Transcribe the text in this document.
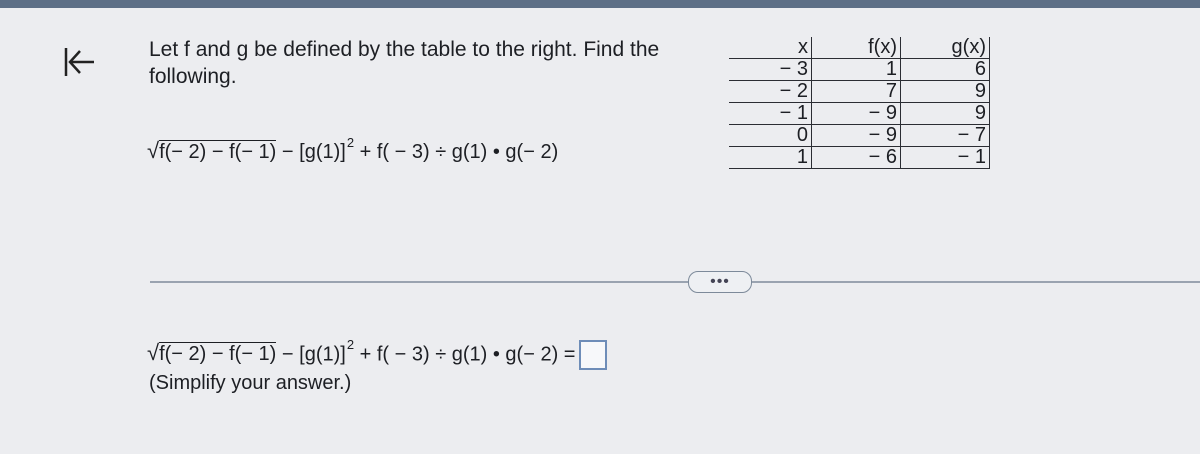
Let f and g be defined by the table to the right. Find the following.
x	f(x)	g(x)
− 3	1	6
− 2	7	9
− 1	− 9	9
0	− 9	− 7
1	− 6	− 1
$√f(- 2) - f(- 1) - [g(1)]^2 + f( - 3) \div g(1)$ • g(− 2)
•••
$√f(- 2) - f(- 1) - [g(1)]^2 + f( - 3) \div g(1)$ • g(− 2) =
(Simplify your answer.)
